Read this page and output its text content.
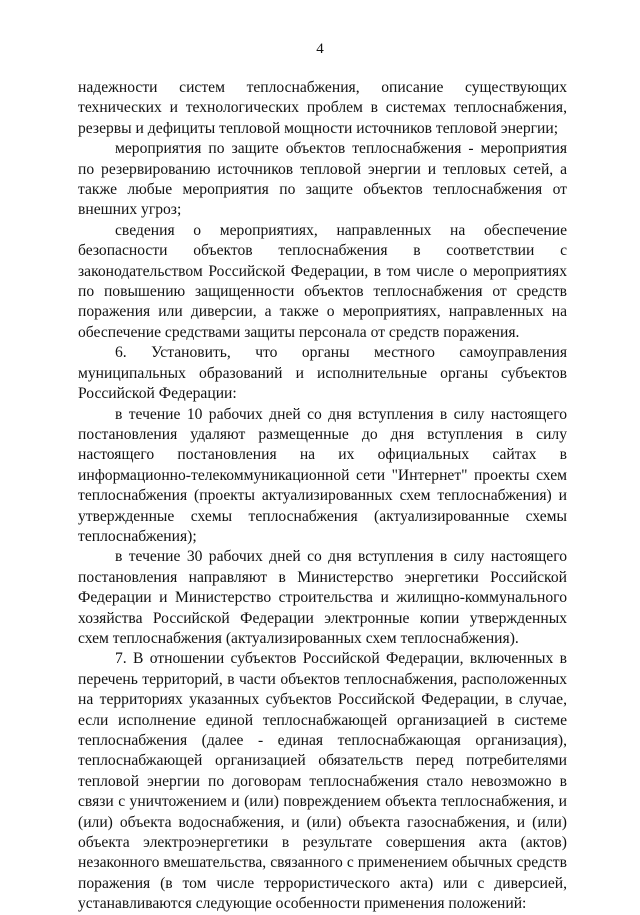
4

надежности систем теплоснабжения, описание существующих технических и технологических проблем в системах теплоснабжения, резервы и дефициты тепловой мощности источников тепловой энергии;

мероприятия по защите объектов теплоснабжения - мероприятия по резервированию источников тепловой энергии и тепловых сетей, а также любые мероприятия по защите объектов теплоснабжения от внешних угроз;

сведения о мероприятиях, направленных на обеспечение безопасности объектов теплоснабжения в соответствии с законодательством Российской Федерации, в том числе о мероприятиях по повышению защищенности объектов теплоснабжения от средств поражения или диверсии, а также о мероприятиях, направленных на обеспечение средствами защиты персонала от средств поражения.

6. Установить, что органы местного самоуправления муниципальных образований и исполнительные органы субъектов Российской Федерации:

в течение 10 рабочих дней со дня вступления в силу настоящего постановления удаляют размещенные до дня вступления в силу настоящего постановления на их официальных сайтах в информационно-телекоммуникационной сети "Интернет" проекты схем теплоснабжения (проекты актуализированных схем теплоснабжения) и утвержденные схемы теплоснабжения (актуализированные схемы теплоснабжения);

в течение 30 рабочих дней со дня вступления в силу настоящего постановления направляют в Министерство энергетики Российской Федерации и Министерство строительства и жилищно-коммунального хозяйства Российской Федерации электронные копии утвержденных схем теплоснабжения (актуализированных схем теплоснабжения).

7. В отношении субъектов Российской Федерации, включенных в перечень территорий, в части объектов теплоснабжения, расположенных на территориях указанных субъектов Российской Федерации, в случае, если исполнение единой теплоснабжающей организацией в системе теплоснабжения (далее - единая теплоснабжающая организация), теплоснабжающей организацией обязательств перед потребителями тепловой энергии по договорам теплоснабжения стало невозможно в связи с уничтожением и (или) повреждением объекта теплоснабжения, и (или) объекта водоснабжения, и (или) объекта газоснабжения, и (или) объекта электроэнергетики в результате совершения акта (актов) незаконного вмешательства, связанного с применением обычных средств поражения (в том числе террористического акта) или с диверсией, устанавливаются следующие особенности применения положений:
